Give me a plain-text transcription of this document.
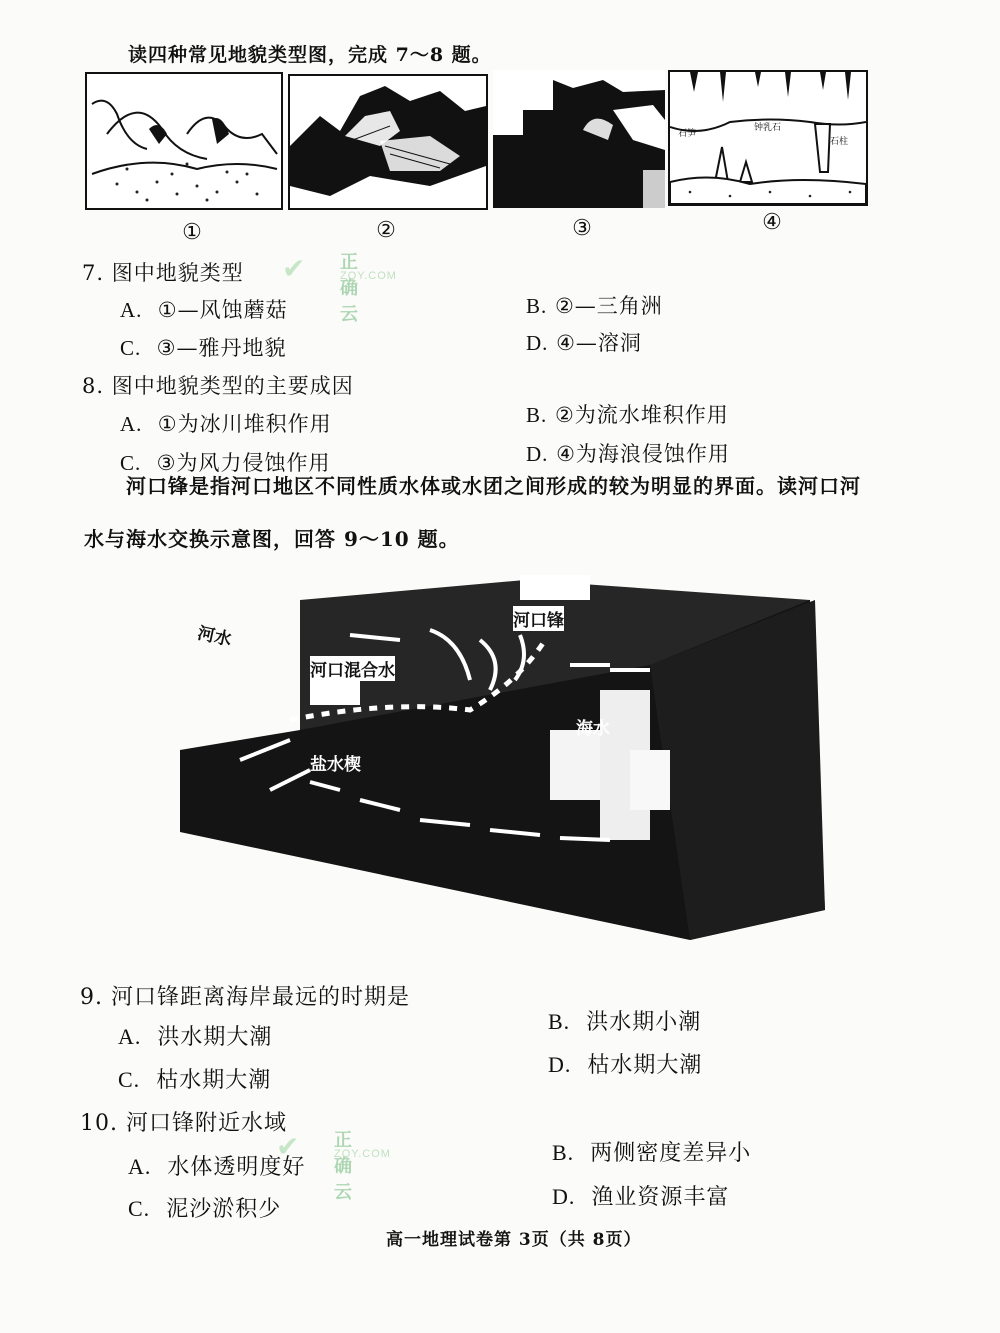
读四种常见地貌类型图，完成 7～8 题。
①	②	③
石笋
钟乳石
石柱
④
7. 图中地貌类型
A. ①—风蚀蘑菇	B. ②—三角洲
C. ③—雅丹地貌	D. ④—溶洞
8. 图中地貌类型的主要成因
A. ①为冰川堆积作用	B. ②为流水堆积作用
C. ③为风力侵蚀作用	D. ④为海浪侵蚀作用
河口锋是指河口地区不同性质水体或水团之间形成的较为明显的界面。读河口河
水与海水交换示意图，回答 9～10 题。
河水
河口锋
河口混合水
海水
盐水楔
9. 河口锋距离海岸最远的时期是
A. 洪水期大潮
B. 洪水期小潮
C. 枯水期大潮
D. 枯水期大潮
10. 河口锋附近水域
A. 水体透明度好
B. 两侧密度差异小
C. 泥沙淤积少
D. 渔业资源丰富
✔ 正确云
ZQY.COM
✔ 正确云
ZQY.COM
高一地理试卷第 3页（共 8页）
